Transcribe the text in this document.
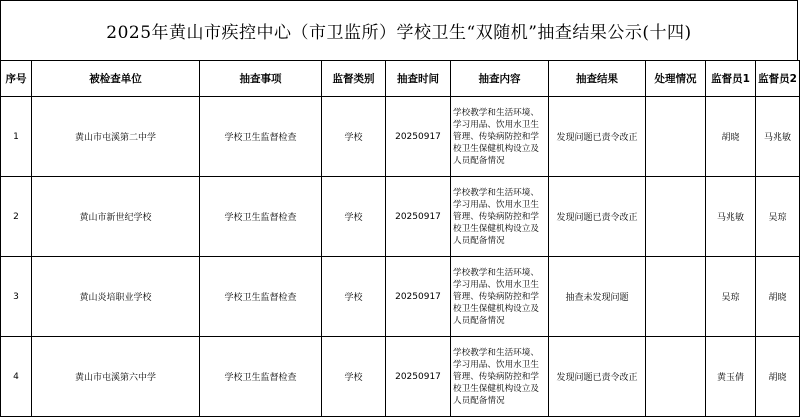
2025年黄山市疾控中心（市卫监所）学校卫生“双随机”抽查结果公示(十四)
序号	被检查单位	抽查事项	监督类别	抽查时间	抽查内容	抽查结果	处理情况	监督员1	监督员2
1	黄山市屯溪第二中学	学校卫生监督检查	学校	20250917	学校教学和生活环境、学习用品、饮用水卫生管理、传染病防控和学校卫生保健机构设立及人员配备情况	发现问题已责令改正		胡晓	马兆敏
2	黄山市新世纪学校	学校卫生监督检查	学校	20250917	学校教学和生活环境、学习用品、饮用水卫生管理、传染病防控和学校卫生保健机构设立及人员配备情况	发现问题已责令改正		马兆敏	吴琼
3	黄山炎培职业学校	学校卫生监督检查	学校	20250917	学校教学和生活环境、学习用品、饮用水卫生管理、传染病防控和学校卫生保健机构设立及人员配备情况	抽查未发现问题		吴琼	胡晓
4	黄山市屯溪第六中学	学校卫生监督检查	学校	20250917	学校教学和生活环境、学习用品、饮用水卫生管理、传染病防控和学校卫生保健机构设立及人员配备情况	发现问题已责令改正		黄玉倩	胡晓
